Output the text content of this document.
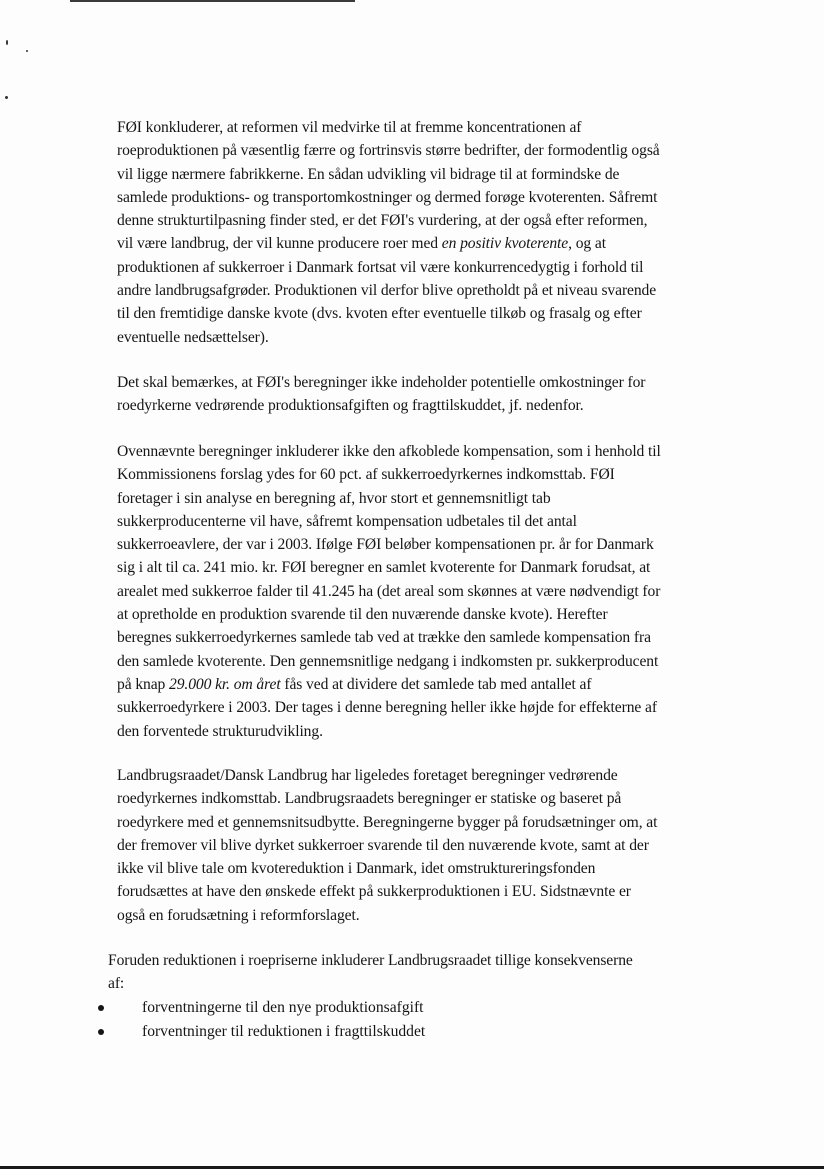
FØI konkluderer, at reformen vil medvirke til at fremme koncentrationen af
roeproduktionen på væsentlig færre og fortrinsvis større bedrifter, der formodentlig også
vil ligge nærmere fabrikkerne. En sådan udvikling vil bidrage til at formindske de
samlede produktions- og transportomkostninger og dermed forøge kvoterenten. Såfremt
denne strukturtilpasning finder sted, er det FØI's vurdering, at der også efter reformen,
vil være landbrug, der vil kunne producere roer med en positiv kvoterente, og at
produktionen af sukkerroer i Danmark fortsat vil være konkurrencedygtig i forhold til
andre landbrugsafgrøder. Produktionen vil derfor blive opretholdt på et niveau svarende
til den fremtidige danske kvote (dvs. kvoten efter eventuelle tilkøb og frasalg og efter
eventuelle nedsættelser).
Det skal bemærkes, at FØI's beregninger ikke indeholder potentielle omkostninger for
roedyrkerne vedrørende produktionsafgiften og fragttilskuddet, jf. nedenfor.
Ovennævnte beregninger inkluderer ikke den afkoblede kompensation, som i henhold til
Kommissionens forslag ydes for 60 pct. af sukkerroedyrkernes indkomsttab. FØI
foretager i sin analyse en beregning af, hvor stort et gennemsnitligt tab
sukkerproducenterne vil have, såfremt kompensation udbetales til det antal
sukkerroeavlere, der var i 2003. Ifølge FØI beløber kompensationen pr. år for Danmark
sig i alt til ca. 241 mio. kr. FØI beregner en samlet kvoterente for Danmark forudsat, at
arealet med sukkerroe falder til 41.245 ha (det areal som skønnes at være nødvendigt for
at opretholde en produktion svarende til den nuværende danske kvote). Herefter
beregnes sukkerroedyrkernes samlede tab ved at trække den samlede kompensation fra
den samlede kvoterente. Den gennemsnitlige nedgang i indkomsten pr. sukkerproducent
på knap 29.000 kr. om året fås ved at dividere det samlede tab med antallet af
sukkerroedyrkere i 2003. Der tages i denne beregning heller ikke højde for effekterne af
den forventede strukturudvikling.
Landbrugsraadet/Dansk Landbrug har ligeledes foretaget beregninger vedrørende
roedyrkernes indkomsttab. Landbrugsraadets beregninger er statiske og baseret på
roedyrkere med et gennemsnitsudbytte. Beregningerne bygger på forudsætninger om, at
der fremover vil blive dyrket sukkerroer svarende til den nuværende kvote, samt at der
ikke vil blive tale om kvotereduktion i Danmark, idet omstruktureringsfonden
forudsættes at have den ønskede effekt på sukkerproduktionen i EU. Sidstnævnte er
også en forudsætning i reformforslaget.
Foruden reduktionen i roepriserne inkluderer Landbrugsraadet tillige konsekvenserne
af:
forventningerne til den nye produktionsafgift
forventninger til reduktionen i fragttilskuddet
